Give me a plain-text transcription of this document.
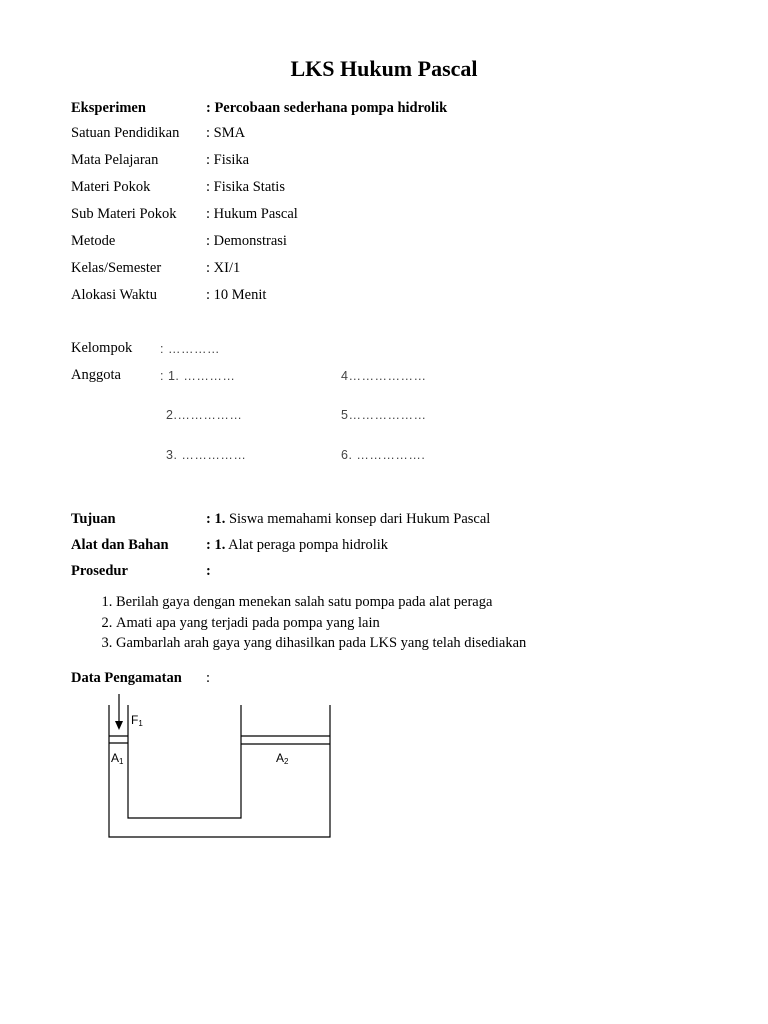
LKS Hukum Pascal
Eksperimen	: Percobaan sederhana pompa hidrolik
Satuan Pendidikan : SMA
Mata Pelajaran	: Fisika
Materi Pokok	: Fisika Statis
Sub Materi Pokok : Hukum Pascal
Metode	: Demonstrasi
Kelas/Semester	: XI/1
Alokasi Waktu	: 10 Menit
Kelompok : …………
Anggota	: 1. …………	4………………
2.……………	5………………
3. ……………	6. …………….
Tujuan	: 1. Siswa memahami konsep dari Hukum Pascal
Alat dan Bahan	: 1. Alat peraga pompa hidrolik
Prosedur	:
1. Berilah gaya dengan menekan salah satu pompa pada alat peraga
2. Amati apa yang terjadi pada pompa yang lain
3. Gambarlah arah gaya yang dihasilkan pada LKS yang telah disediakan
Data Pengamatan :
F1
A1	A2
